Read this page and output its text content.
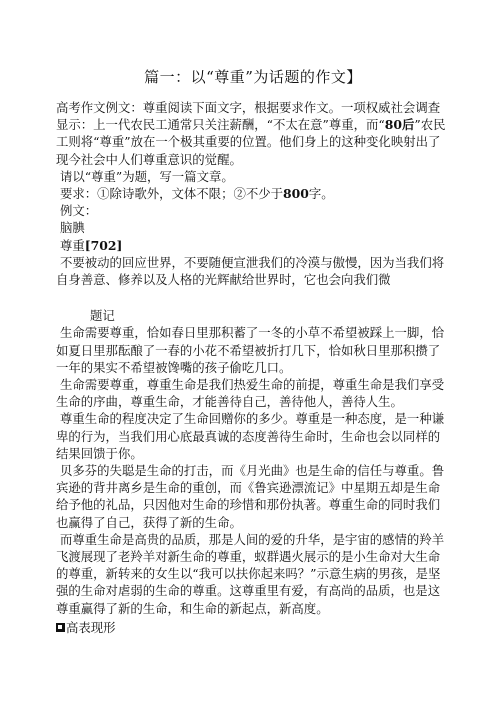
篇一：以“尊重”为话题的作文】

高考作文例文：尊重阅读下面文字，根据要求作文。一项权威社会调查显示：上一代农民工通常只关注薪酬，“不太在意”尊重，而“80后”农民工则将“尊重”放在一个极其重要的位置。他们身上的这种变化映射出了现今社会中人们尊重意识的觉醒。

请以“尊重”为题，写一篇文章。

要求：①除诗歌外，文体不限；②不少于800字。

例文：

脑腆

尊重[702]

不要被动的回应世界，不要随便宣泄我们的冷漠与傲慢，因为当我们将自身善意、修养以及人格的光辉献给世界时，它也会向我们微

题记

生命需要尊重，恰如春日里那积蓄了一冬的小草不希望被踩上一脚，恰如夏日里那酝酿了一春的小花不希望被折打几下，恰如秋日里那积攒了一年的果实不希望被馋嘴的孩子偷吃几口。

生命需要尊重，尊重生命是我们热爱生命的前提，尊重生命是我们享受生命的序曲，尊重生命，才能善待自己，善待他人，善待人生。

尊重生命的程度决定了生命回赠你的多少。尊重是一种态度，是一种谦卑的行为，当我们用心底最真诚的态度善待生命时，生命也会以同样的结果回馈于你。

贝多芬的失聪是生命的打击，而《月光曲》也是生命的信任与尊重。鲁宾逊的背井离乡是生命的重创，而《鲁宾逊漂流记》中星期五却是生命给予他的礼品，只因他对生命的珍惜和那份执著。尊重生命的同时我们也赢得了自己，获得了新的生命。

而尊重生命是高贵的品质，那是人间的爱的升华，是宇宙的感情的羚羊飞渡展现了老羚羊对新生命的尊重，蚁群遇火展示的是小生命对大生命的尊重，新转来的女生以“我可以扶你起来吗？”示意生病的男孩，是坚强的生命对虐弱的生命的尊重。这尊重里有爱，有高尚的品质，也是这尊重赢得了新的生命，和生命的新起点，新高度。

高表现形
